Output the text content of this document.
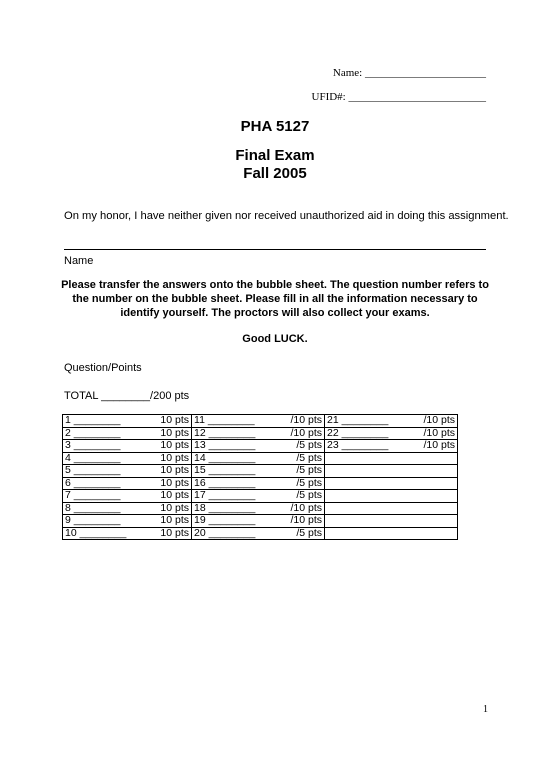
Name: ______________________
UFID#: _________________________
PHA 5127
Final Exam
Fall 2005
On my honor, I have neither given nor received unauthorized aid in doing this assignment.
Name
Please transfer the answers onto the bubble sheet. The question number refers to the number on the bubble sheet. Please fill in all the information necessary to identify yourself. The proctors will also collect your exams.
Good LUCK.
Question/Points
TOTAL ________/200 pts
1 ________ 10 pts	11 ________ /10 pts	21 ________ /10 pts

2 ________ 10 pts	12 ________ /10 pts	22 ________ /10 pts

3 ________ 10 pts	13 ________ /5 pts	23 ________ /10 pts

4 ________ 10 pts	14 ________ /5 pts	

5 ________ 10 pts	15 ________ /5 pts	

6 ________ 10 pts	16 ________ /5 pts	

7 ________ 10 pts	17 ________ /5 pts	

8 ________ 10 pts	18 ________ /10 pts	

9 ________ 10 pts	19 ________ /10 pts	

10 ________ 10 pts	20 ________ /5 pts	

1
